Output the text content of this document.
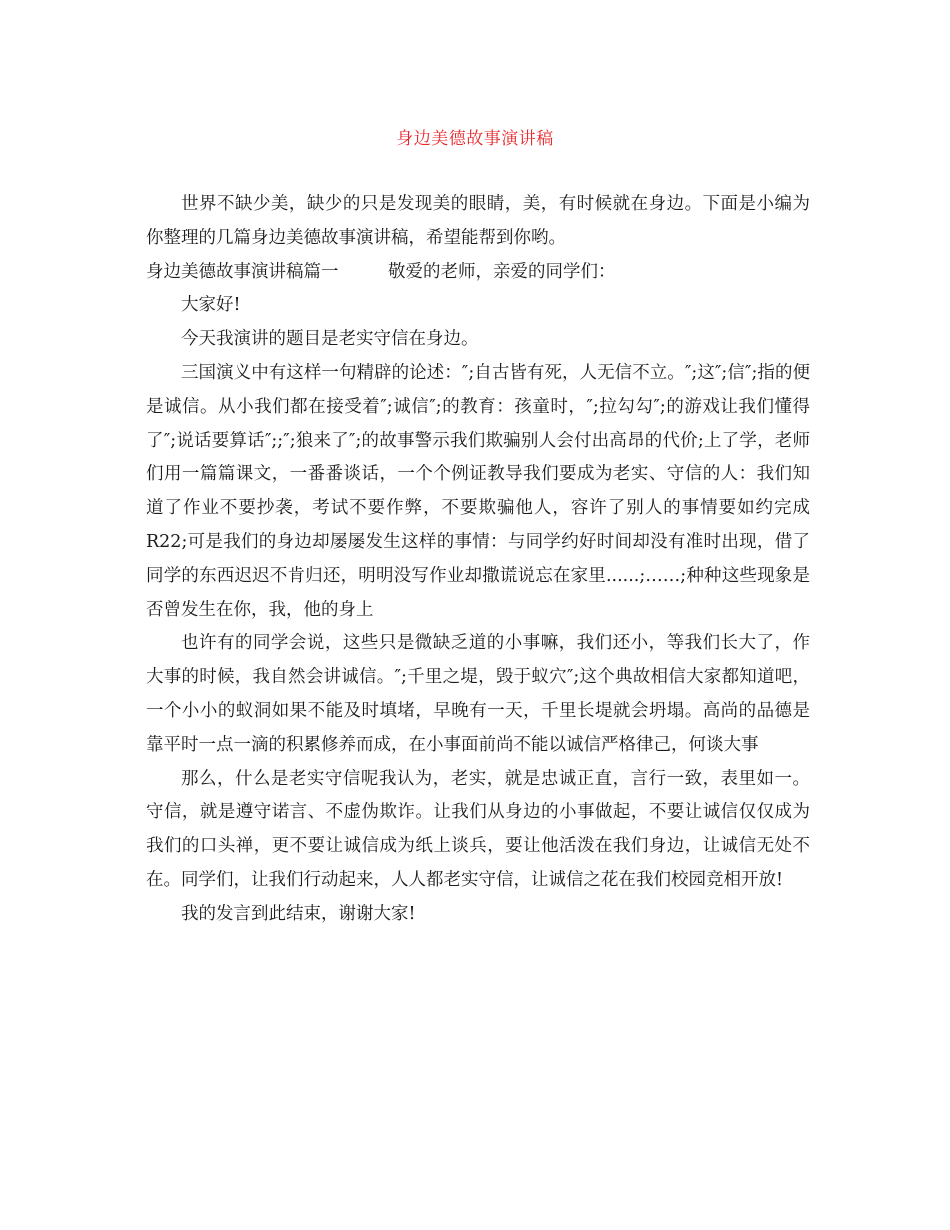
身边美德故事演讲稿

世界不缺少美，缺少的只是发现美的眼睛，美，有时候就在身边。下面是小编为你整理的几篇身边美德故事演讲稿，希望能帮到你哟。

身边美德故事演讲稿篇一	敬爱的老师，亲爱的同学们：

大家好!

今天我演讲的题目是老实守信在身边。

三国演义中有这样一句精辟的论述：″;自古皆有死，人无信不立。″;这″;信″;指的便是诚信。从小我们都在接受着″;诚信″;的教育：孩童时，″;拉勾勾″;的游戏让我们懂得了″;说话要算话″;;″;狼来了″;的故事警示我们欺骗别人会付出高昂的代价;上了学，老师们用一篇篇课文，一番番谈话，一个个例证教导我们要成为老实、守信的人：我们知道了作业不要抄袭，考试不要作弊，不要欺骗他人，容许了别人的事情要如约完成R22;可是我们的身边却屡屡发生这样的事情：与同学约好时间却没有准时出现，借了同学的东西迟迟不肯归还，明明没写作业却撒谎说忘在家里......;……;种种这些现象是否曾发生在你，我，他的身上

也许有的同学会说，这些只是微缺乏道的小事嘛，我们还小，等我们长大了，作大事的时候，我自然会讲诚信。″;千里之堤，毁于蚁穴″;这个典故相信大家都知道吧，一个小小的蚁洞如果不能及时填堵，早晚有一天，千里长堤就会坍塌。高尚的品德是靠平时一点一滴的积累修养而成，在小事面前尚不能以诚信严格律己，何谈大事

那么，什么是老实守信呢我认为，老实，就是忠诚正直，言行一致，表里如一。守信，就是遵守诺言、不虚伪欺诈。让我们从身边的小事做起，不要让诚信仅仅成为我们的口头禅，更不要让诚信成为纸上谈兵，要让他活泼在我们身边，让诚信无处不在。同学们，让我们行动起来，人人都老实守信，让诚信之花在我们校园竞相开放!

我的发言到此结束，谢谢大家!
